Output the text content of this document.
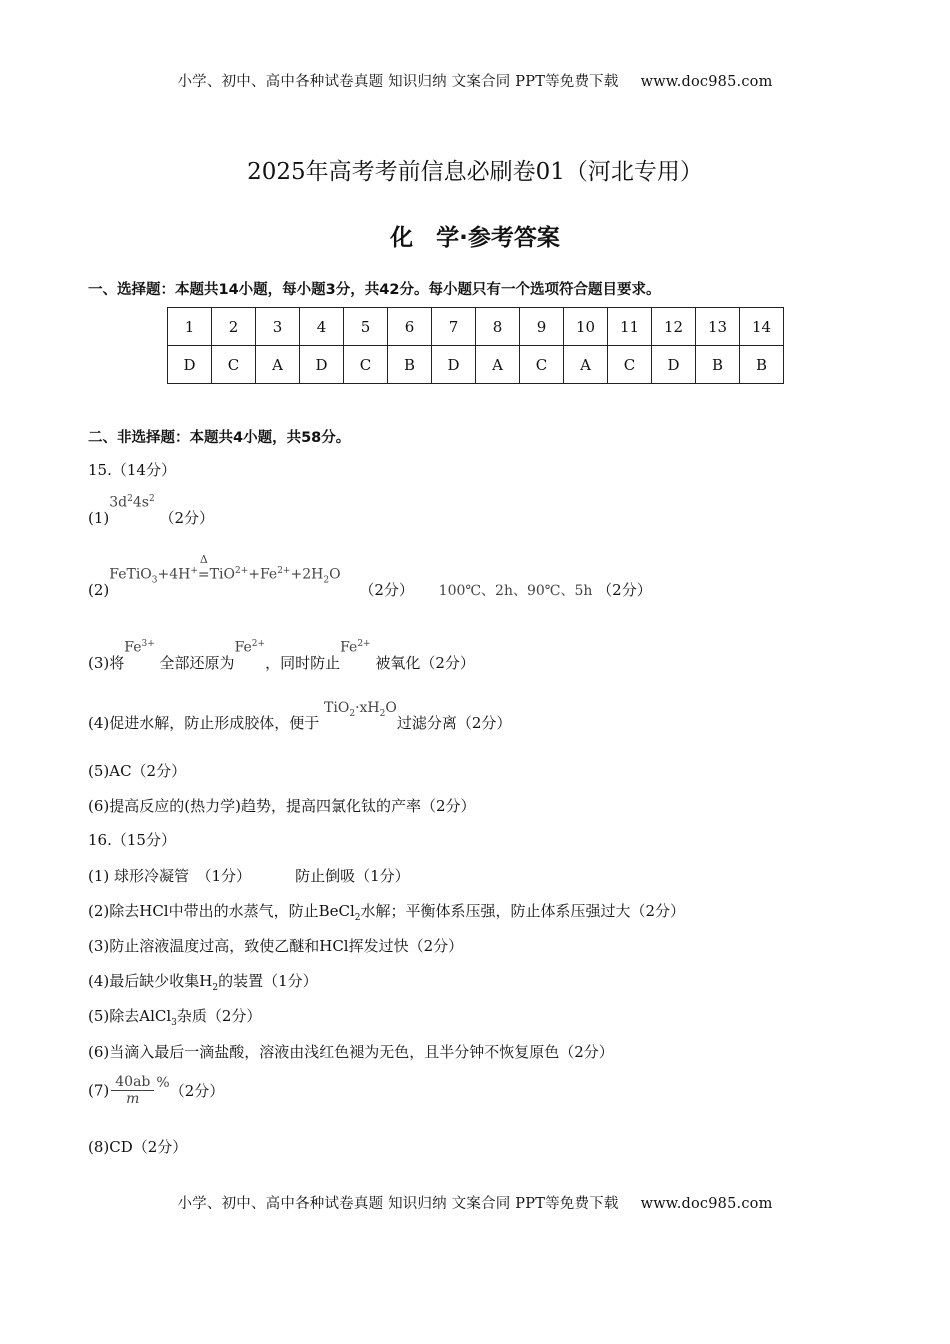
小学、初中、高中各种试卷真题 知识归纳 文案合同 PPT等免费下载 www.doc985.com
2025年高考考前信息必刷卷01（河北专用）
化　学·参考答案
一、选择题：本题共14小题，每小题3分，共42分。每小题只有一个选项符合题目要求。
1	2	3	4	5	6	7	8	9	10	11	12	13	14
D	C	A	D	C	B	D	A	C	A	C	D	B	B
二、非选择题：本题共4小题，共58分。
15.（14分）
$(1)3d^24s^2$ （2分）
(2)FeTiO$_3$+4H+
Δ
$=TiO^{2+}+Fe^{2+}+2H_2O$ （2分） 100℃、2h、90℃、5h （2分）
(3)将$Fe^{3+}$ 全部还原为$Fe^{2+}$，同时防止$Fe^{2+}$ 被氧化（2分）
(4)促进水解，防止形成胶体，便于 $TiO_2\cdot xH_2O$过滤分离（2分）
(5)AC（2分）
(6)提高反应的(热力学)趋势，提高四氯化钛的产率（2分）
16.（15分）
(1) 球形冷凝管　（1分）	防止倒吸（1分）
(2)除去HCl中带出的水蒸气，防止BeCl$_2$水解；平衡体系压强，防止体系压强过大（2分）
(3)防止溶液温度过高，致使乙醚和HCl挥发过快（2分）
(4)最后缺少收集$H_2$的装置（1分）
(5)除去AlCl$_3$杂质（2分）
(6)当滴入最后一滴盐酸，溶液由浅红色褪为无色，且半分钟不恢复原色（2分）
$(7) \frac{40ab}{m} \%(2$分）
(8)CD（2分）
小学、初中、高中各种试卷真题 知识归纳 文案合同 PPT等免费下载 www.doc985.com
